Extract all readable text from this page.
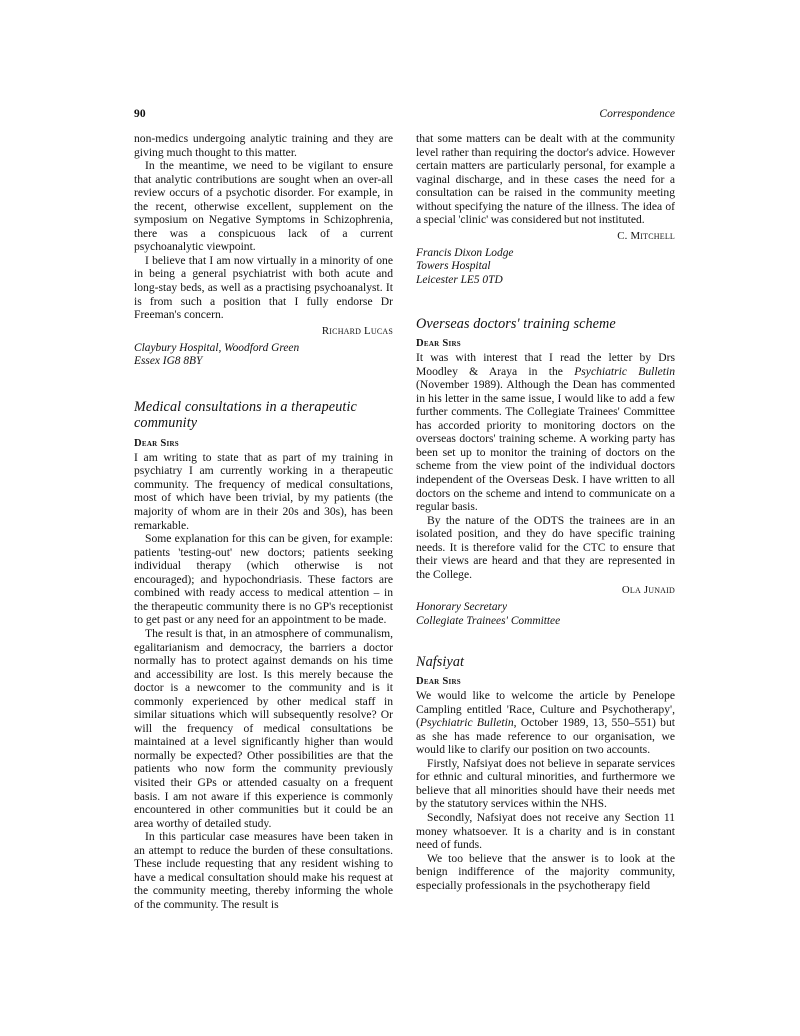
90	Correspondence

non-medics undergoing analytic training and they are giving much thought to this matter.

In the meantime, we need to be vigilant to ensure that analytic contributions are sought when an over-all review occurs of a psychotic disorder. For example, in the recent, otherwise excellent, supplement on the symposium on Negative Symptoms in Schizophrenia, there was a conspicuous lack of a current psychoanalytic viewpoint.

I believe that I am now virtually in a minority of one in being a general psychiatrist with both acute and long-stay beds, as well as a practising psychoanalyst. It is from such a position that I fully endorse Dr Freeman's concern.

Richard Lucas

Claybury Hospital, Woodford Green
Essex IG8 8BY

Medical consultations in a therapeutic community

Dear Sirs

I am writing to state that as part of my training in psychiatry I am currently working in a therapeutic community. The frequency of medical consultations, most of which have been trivial, by my patients (the majority of whom are in their 20s and 30s), has been remarkable.

Some explanation for this can be given, for example: patients 'testing-out' new doctors; patients seeking individual therapy (which otherwise is not encouraged); and hypochondriasis. These factors are combined with ready access to medical attention – in the therapeutic community there is no GP's receptionist to get past or any need for an appointment to be made.

The result is that, in an atmosphere of communalism, egalitarianism and democracy, the barriers a doctor normally has to protect against demands on his time and accessibility are lost. Is this merely because the doctor is a newcomer to the community and is it commonly experienced by other medical staff in similar situations which will subsequently resolve? Or will the frequency of medical consultations be maintained at a level significantly higher than would normally be expected? Other possibilities are that the patients who now form the community previously visited their GPs or attended casualty on a frequent basis. I am not aware if this experience is commonly encountered in other communities but it could be an area worthy of detailed study.

In this particular case measures have been taken in an attempt to reduce the burden of these consultations. These include requesting that any resident wishing to have a medical consultation should make his request at the community meeting, thereby informing the whole of the community. The result is

that some matters can be dealt with at the community level rather than requiring the doctor's advice. However certain matters are particularly personal, for example a vaginal discharge, and in these cases the need for a consultation can be raised in the community meeting without specifying the nature of the illness. The idea of a special 'clinic' was considered but not instituted.

C. Mitchell

Francis Dixon Lodge
Towers Hospital
Leicester LE5 0TD

Overseas doctors' training scheme

Dear Sirs

It was with interest that I read the letter by Drs Moodley & Araya in the Psychiatric Bulletin (November 1989). Although the Dean has commented in his letter in the same issue, I would like to add a few further comments. The Collegiate Trainees' Committee has accorded priority to monitoring doctors on the overseas doctors' training scheme. A working party has been set up to monitor the training of doctors on the scheme from the view point of the individual doctors independent of the Overseas Desk. I have written to all doctors on the scheme and intend to communicate on a regular basis.

By the nature of the ODTS the trainees are in an isolated position, and they do have specific training needs. It is therefore valid for the CTC to ensure that their views are heard and that they are represented in the College.

Ola Junaid

Honorary Secretary
Collegiate Trainees' Committee

Nafsiyat

Dear Sirs

We would like to welcome the article by Penelope Campling entitled 'Race, Culture and Psychotherapy', (Psychiatric Bulletin, October 1989, 13, 550–551) but as she has made reference to our organisation, we would like to clarify our position on two accounts.

Firstly, Nafsiyat does not believe in separate services for ethnic and cultural minorities, and furthermore we believe that all minorities should have their needs met by the statutory services within the NHS.

Secondly, Nafsiyat does not receive any Section 11 money whatsoever. It is a charity and is in constant need of funds.

We too believe that the answer is to look at the benign indifference of the majority community, especially professionals in the psychotherapy field
